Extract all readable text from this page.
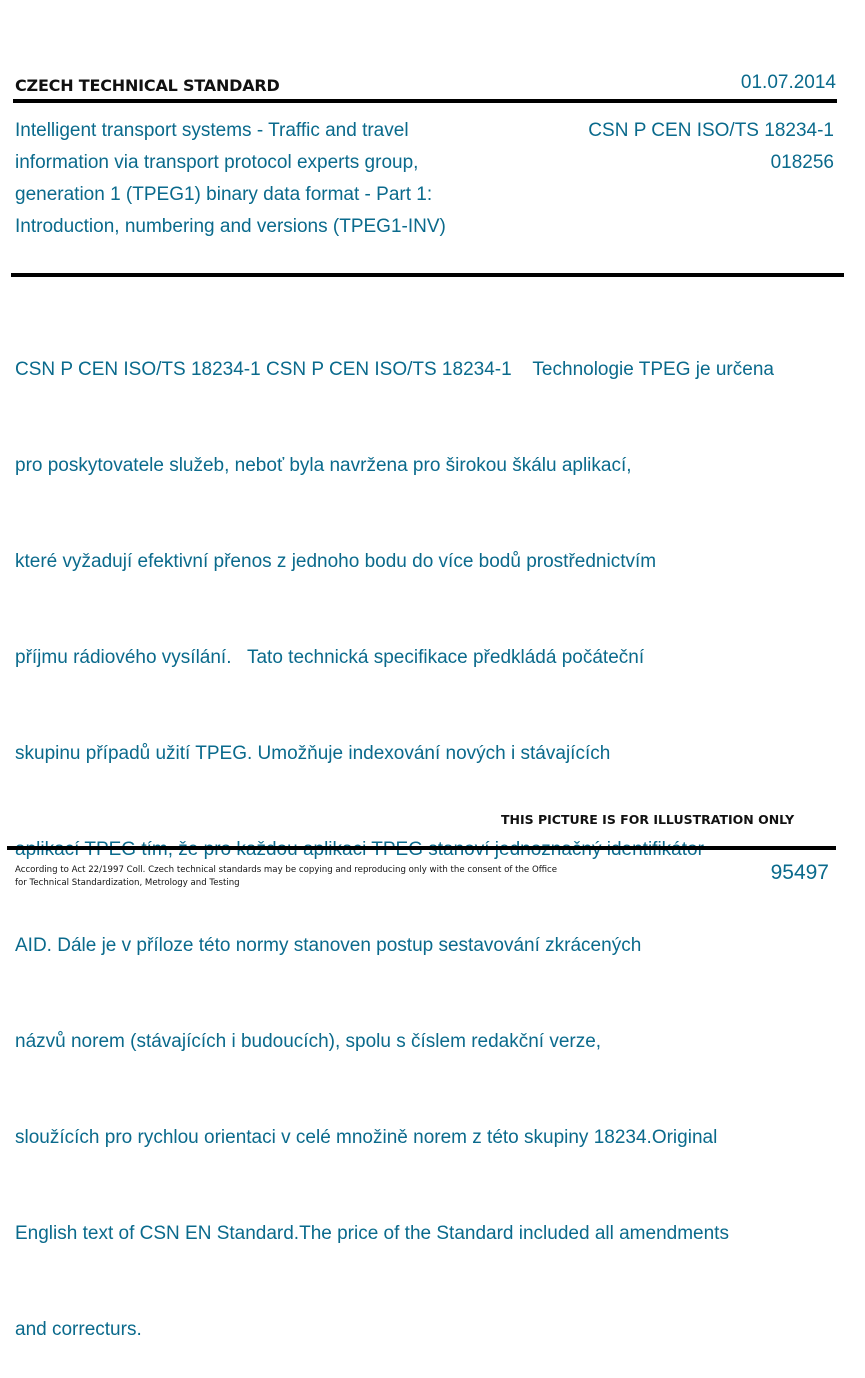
CZECH TECHNICAL STANDARD	01.07.2014
Intelligent transport systems - Traffic and travel
information via transport protocol experts group,
generation 1 (TPEG1) binary data format - Part 1:
Introduction, numbering and versions (TPEG1-INV)
CSN P CEN ISO/TS 18234-1
018256

CSN P CEN ISO/TS 18234-1 CSN P CEN ISO/TS 18234-1    Technologie TPEG je určena

pro poskytovatele služeb, neboť byla navržena pro širokou škálu aplikací,

které vyžadují efektivní přenos z jednoho bodu do více bodů prostřednictvím

příjmu rádiového vysílání.   Tato technická specifikace předkládá počáteční

skupinu případů užití TPEG. Umožňuje indexování nových i stávajících

AID. Dále je v příloze této normy stanoven postup sestavování zkrácených

názvů norem (stávajících i budoucích), spolu s číslem redakční verze,

sloužících pro rychlou orientaci v celé množině norem z této skupiny 18234.Original

English text of CSN EN Standard.The price of the Standard included all amendments

and correcturs.

THIS PICTURE IS FOR ILLUSTRATION ONLY
According to Act 22/1997 Coll. Czech technical standards may be copying and reproducing only with the consent of the Office
for Technical Standardization, Metrology and Testing	95497
